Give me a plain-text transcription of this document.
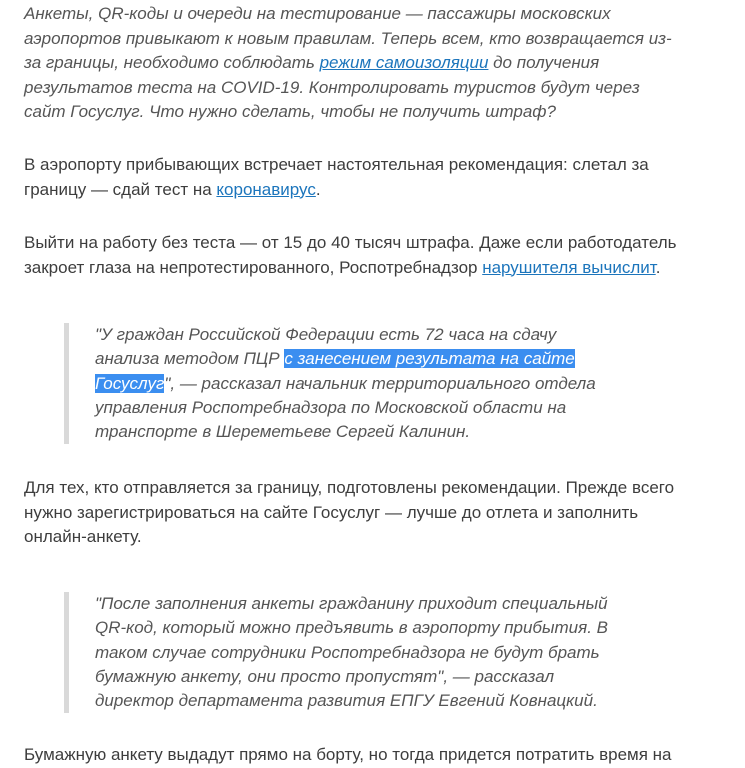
Анкеты, QR-коды и очереди на тестирование — пассажиры московских аэропортов привыкают к новым правилам. Теперь всем, кто возвращается из-за границы, необходимо соблюдать режим самоизоляции до получения результатов теста на COVID-19. Контролировать туристов будут через сайт Госуслуг. Что нужно сделать, чтобы не получить штраф?

В аэропорту прибывающих встречает настоятельная рекомендация: слетал за границу — сдай тест на коронавирус.

Выйти на работу без теста — от 15 до 40 тысяч штрафа. Даже если работодатель закроет глаза на непротестированного, Роспотребнадзор нарушителя вычислит.

"У граждан Российской Федерации есть 72 часа на сдачу анализа методом ПЦР с занесением результата на сайте Госуслуг", — рассказал начальник территориального отдела управления Роспотребнадзора по Московской области на транспорте в Шереметьеве Сергей Калинин.

Для тех, кто отправляется за границу, подготовлены рекомендации. Прежде всего нужно зарегистрироваться на сайте Госуслуг — лучше до отлета и заполнить онлайн-анкету.

"После заполнения анкеты гражданину приходит специальный QR-код, который можно предъявить в аэропорту прибытия. В таком случае сотрудники Роспотребнадзора не будут брать бумажную анкету, они просто пропустят", — рассказал директор департамента развития ЕПГУ Евгений Ковнацкий.

Бумажную анкету выдадут прямо на борту, но тогда придется потратить время на
